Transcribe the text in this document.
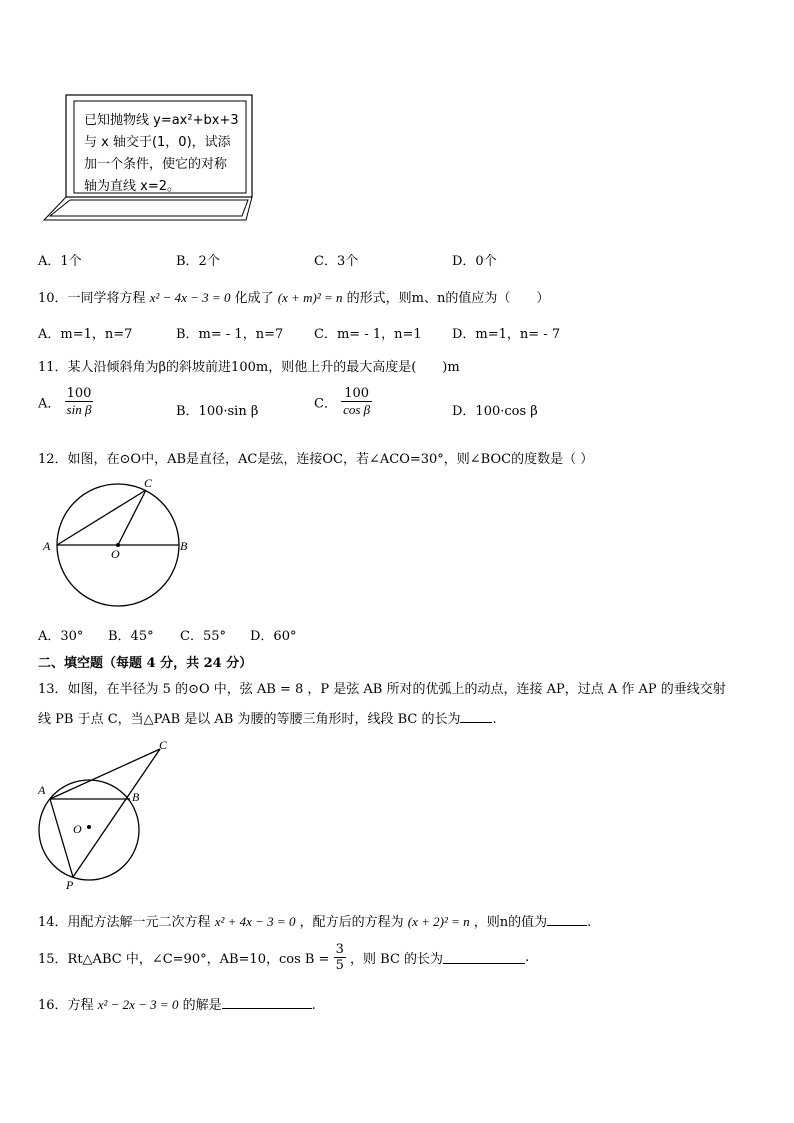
已知抛物线 y=ax²+bx+3
与 x 轴交于(1，0)，试添
加一个条件，使它的对称
轴为直线 x=2。
A．1个	B．2个	C．3个	D．0个
10．一同学将方程 x² − 4x − 3 = 0 化成了 (x + m)² = n 的形式，则m、n的值应为（　　）
A．m=1，n=7	B．m= - 1，n=7 C．m= - 1，n=1 D．m=1，n= - 7
11．某人沿倾斜角为β的斜坡前进100m，则他上升的最大高度是(　　)m
A． $\frac{100}{\text{sin β}}$	B．100·sin β	C． $\frac{100}{\text{cos β}}$	D．100·cos β
12．如图，在⊙O中，AB是直径，AC是弦，连接OC，若∠ACO=30°，则∠BOC的度数是（ ）
A	B
C
O
A．30° B．45° C．55° D．60°
二、填空题（每题 4 分，共 24 分）
13．如图，在半径为 5 的⊙O 中，弦 AB = 8 ，P 是弦 AB 所对的优弧上的动点，连接 AP，过点 A 作 AP 的垂线交射
线 PB 于点 C，当△PAB 是以 AB 为腰的等腰三角形时，线段 BC 的长为 .
A	B
C
O
P
14．用配方法解一元二次方程 x² + 4x − 3 = 0 ，配方后的方程为 (x + 2)² = n ，则n的值为	.
15．Rt△ABC 中，∠C=90°，AB=10，$\cos B = \frac{3}{5}$ ，则 BC 的长为	.
16．方程 x² − 2x − 3 = 0 的解是	.
